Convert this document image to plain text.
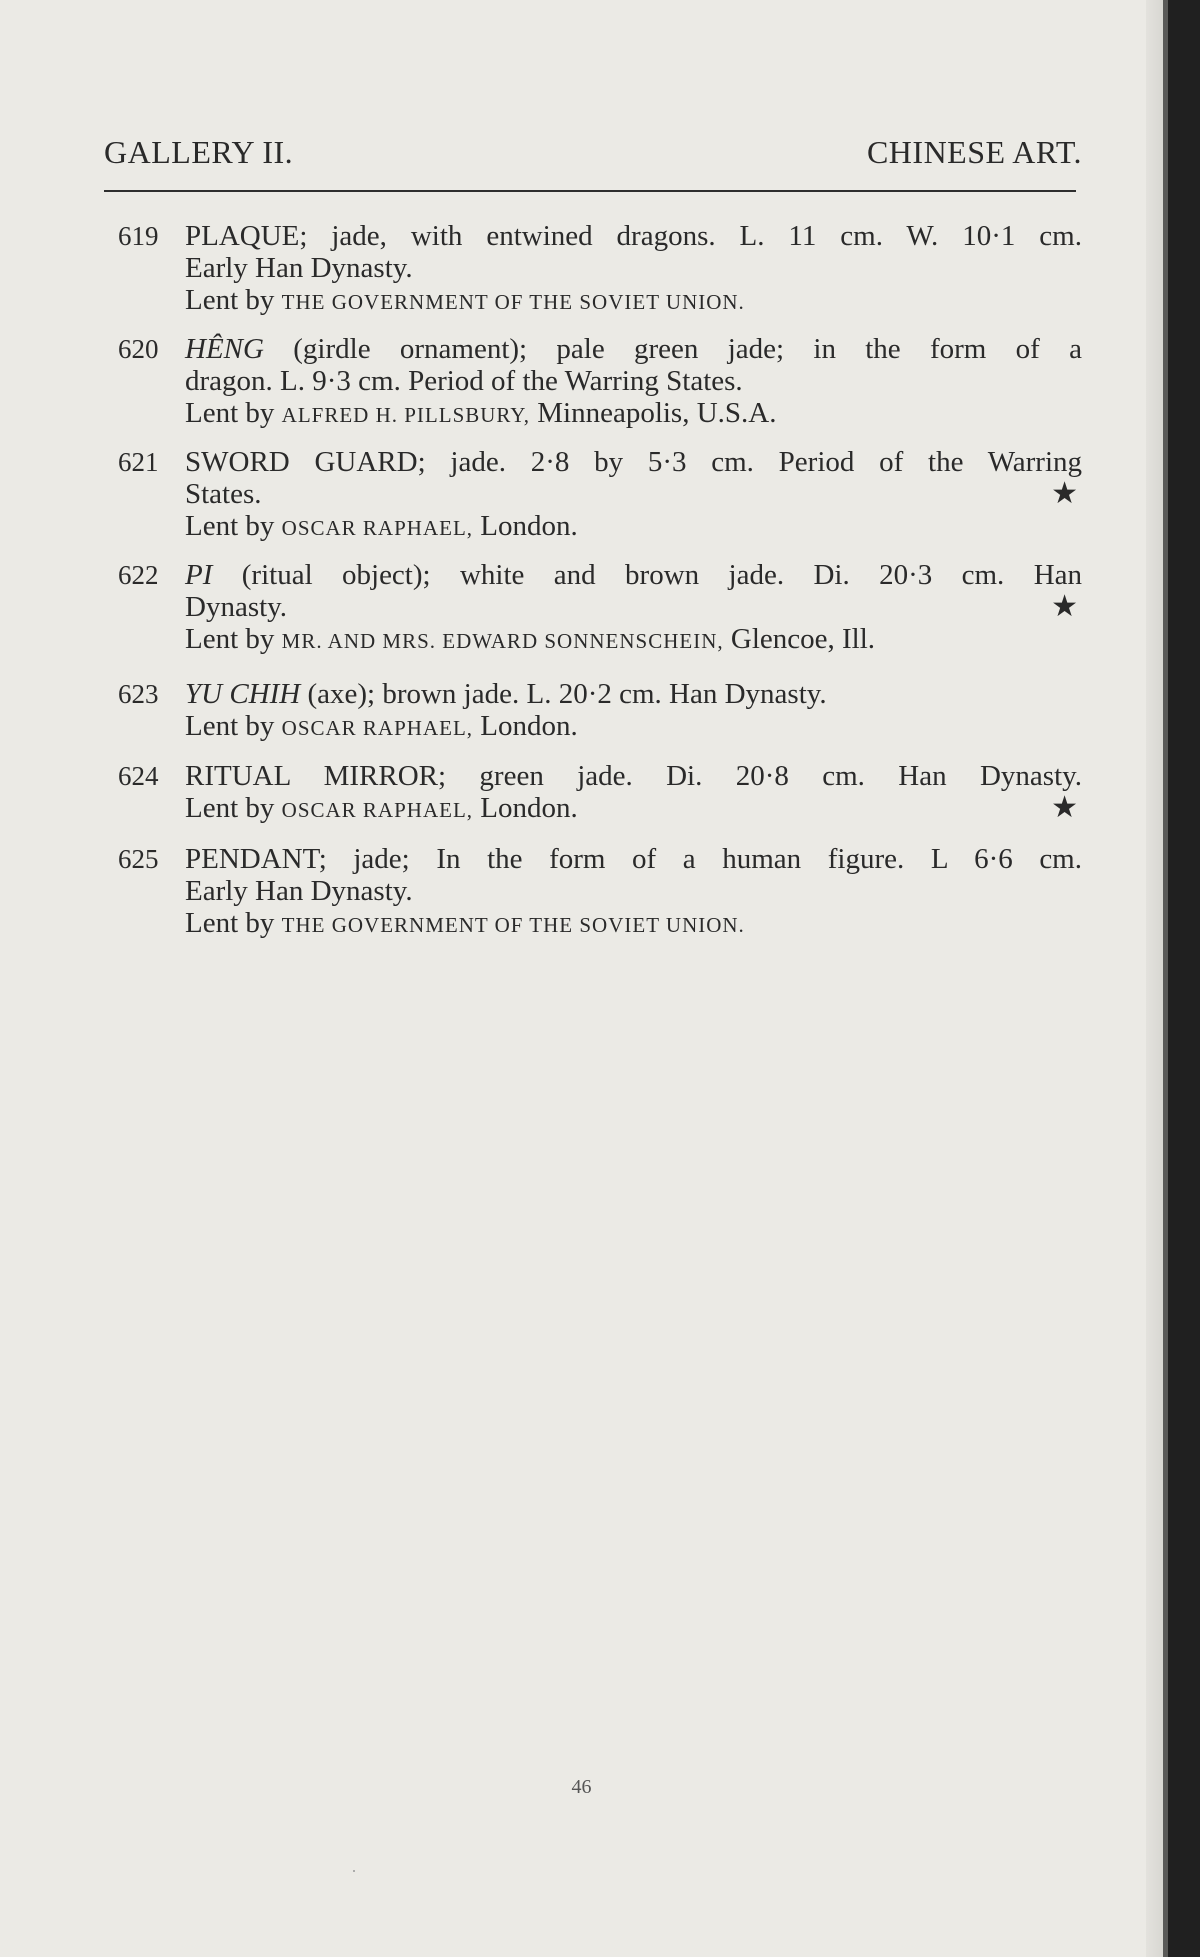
GALLERY II.	CHINESE ART.
619 PLAQUE; jade, with entwined dragons. L. 11 cm. W. 10·1 cm.
Early Han Dynasty.
Lent by THE GOVERNMENT OF THE SOVIET UNION.
620 HÊNG (girdle ornament); pale green jade; in the form of a
dragon. L. 9·3 cm. Period of the Warring States.
Lent by ALFRED H. PILLSBURY, Minneapolis, U.S.A.
621 SWORD GUARD; jade. 2·8 by 5·3 cm. Period of the Warring
States.	★
Lent by OSCAR RAPHAEL, London.
622 PI (ritual object); white and brown jade. Di. 20·3 cm. Han
Dynasty.	★
Lent by MR. AND MRS. EDWARD SONNENSCHEIN, Glencoe, Ill.
623 YU CHIH (axe); brown jade. L. 20·2 cm. Han Dynasty.
Lent by OSCAR RAPHAEL, London.
624 RITUAL MIRROR; green jade. Di. 20·8 cm. Han Dynasty.
Lent by OSCAR RAPHAEL, London.	★
625 PENDANT; jade; In the form of a human figure. L 6·6 cm.
Early Han Dynasty.
Lent by THE GOVERNMENT OF THE SOVIET UNION.
46
